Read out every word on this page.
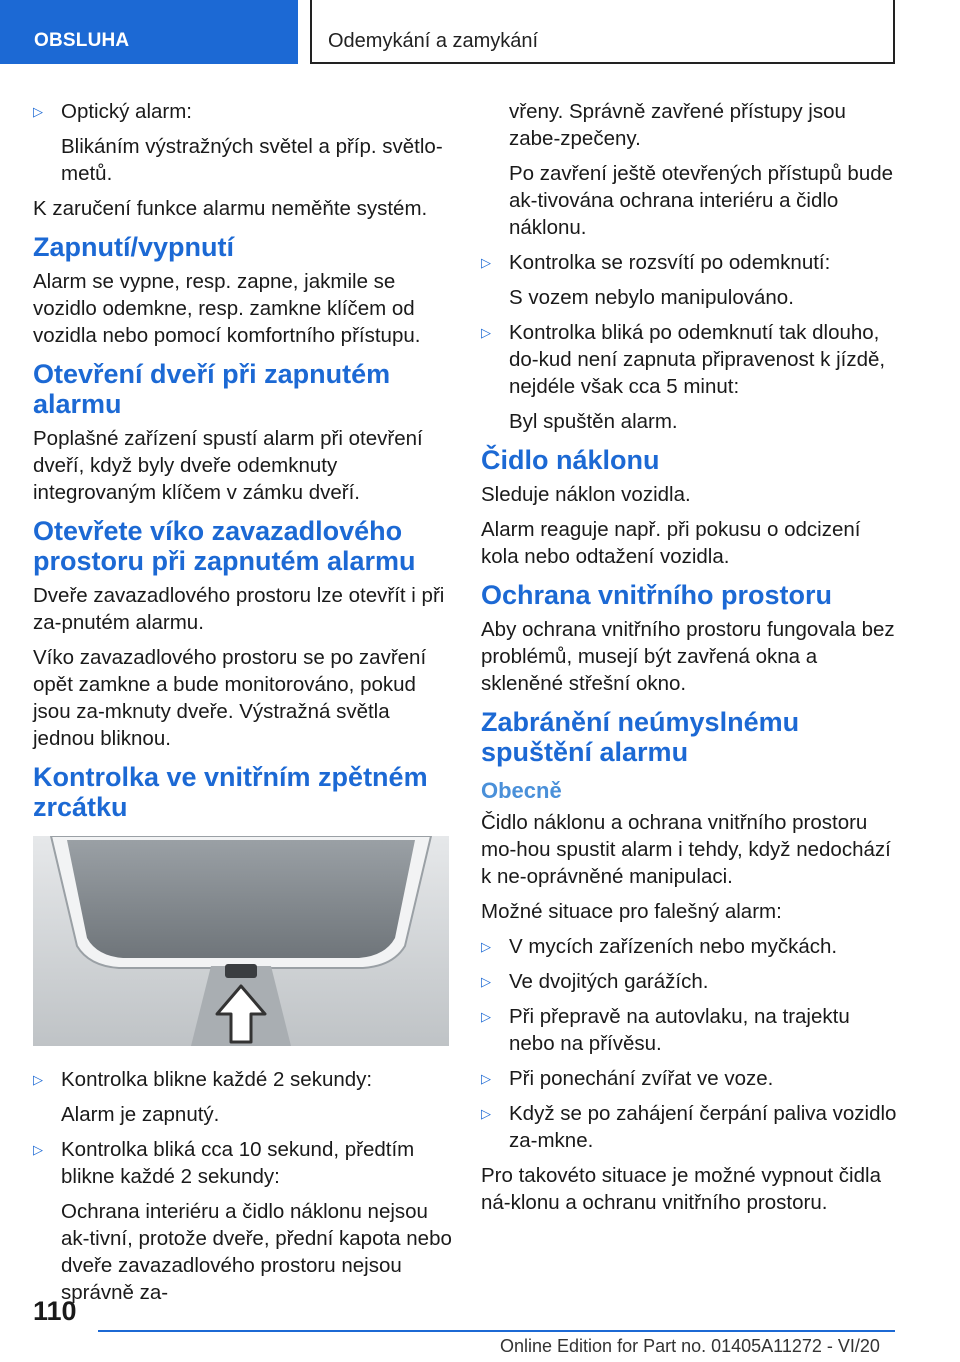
OBSLUHA	Odemykání a zamykání
▷ Optický alarm:

Blikáním výstražných světel a příp. světlo-metů.

K zaručení funkce alarmu neměňte systém.

Zapnutí/vypnutí

Alarm se vypne, resp. zapne, jakmile se vozidlo odemkne, resp. zamkne klíčem od vozidla nebo pomocí komfortního přístupu.

Otevření dveří při zapnutém alarmu

Poplašné zařízení spustí alarm při otevření dveří, když byly dveře odemknuty integrovaným klíčem v zámku dveří.

Otevřete víko zavazadlového prostoru při zapnutém alarmu

Dveře zavazadlového prostoru lze otevřít i při za-pnutém alarmu.

Víko zavazadlového prostoru se po zavření opět zamkne a bude monitorováno, pokud jsou za-mknuty dveře. Výstražná světla jednou bliknou.

Kontrolka ve vnitřním zpětném zrcátku
▷ Kontrolka blikne každé 2 sekundy:

Alarm je zapnutý.

▷ Kontrolka bliká cca 10 sekund, předtím blikne každé 2 sekundy:

Ochrana interiéru a čidlo náklonu nejsou ak-tivní, protože dveře, přední kapota nebo dveře zavazadlového prostoru nejsou správně za-

vřeny. Správně zavřené přístupy jsou zabe-zpečeny.

Po zavření ještě otevřených přístupů bude ak-tivována ochrana interiéru a čidlo náklonu.

▷ Kontrolka se rozsvítí po odemknutí:

S vozem nebylo manipulováno.

▷ Kontrolka bliká po odemknutí tak dlouho, do-kud není zapnuta připravenost k jízdě, nejdéle však cca 5 minut:

Byl spuštěn alarm.

Čidlo náklonu

Sleduje náklon vozidla.

Alarm reaguje např. při pokusu o odcizení kola nebo odtažení vozidla.

Ochrana vnitřního prostoru

Aby ochrana vnitřního prostoru fungovala bez problémů, musejí být zavřená okna a skleněné střešní okno.

Zabránění neúmyslnému spuštění alarmu
Obecně

Čidlo náklonu a ochrana vnitřního prostoru mo-hou spustit alarm i tehdy, když nedochází k ne-oprávněné manipulaci.

Možné situace pro falešný alarm:

▷ V mycích zařízeních nebo myčkách.
▷ Ve dvojitých garážích.
▷ Při přepravě na autovlaku, na trajektu nebo na přívěsu.
▷ Při ponechání zvířat ve voze.
▷ Když se po zahájení čerpání paliva vozidlo za-mkne.

Pro takovéto situace je možné vypnout čidla ná-klonu a ochranu vnitřního prostoru.

110
Online Edition for Part no. 01405A11272 - VI/20
